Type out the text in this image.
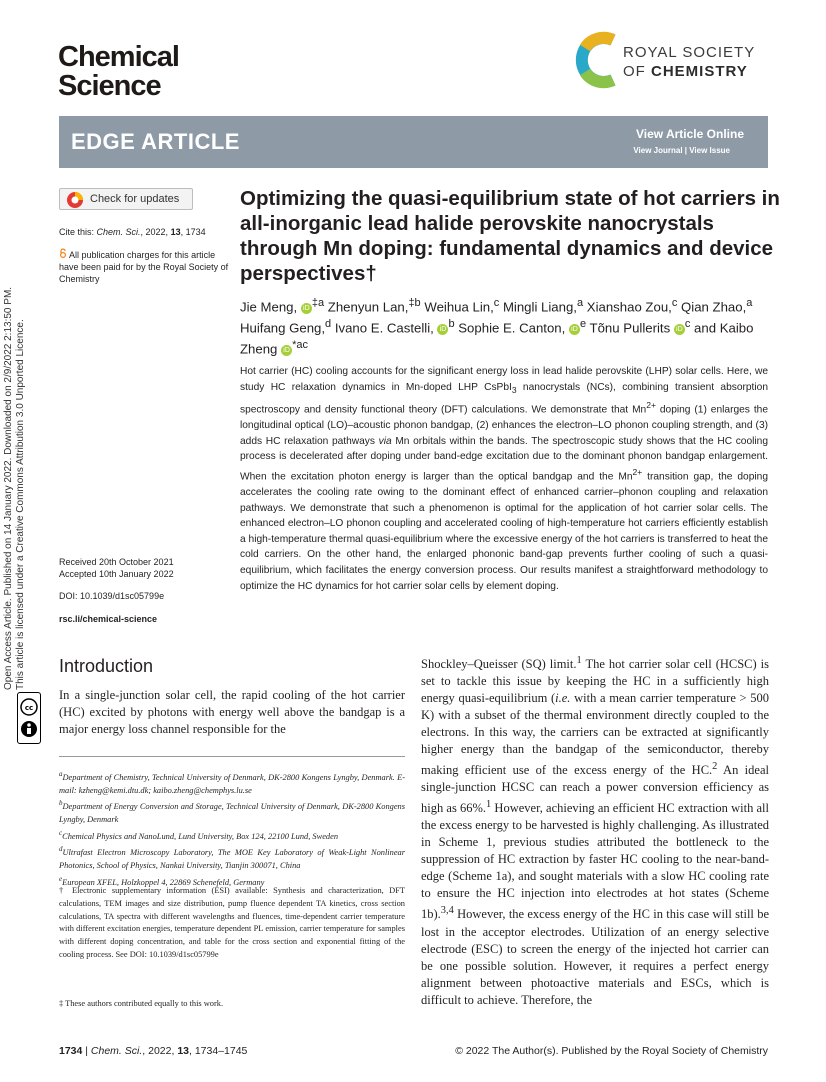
Chemical
Science
ROYAL SOCIETY
OF CHEMISTRY
EDGE ARTICLE	View Article Online
View Journal | View Issue
Open Access Article. Published on 14 January 2022. Downloaded on 2/9/2022 2:13:50 PM. This article is licensed under a Creative Commons Attribution 3.0 Unported Licence.
cc
Check for updates
Cite this: Chem. Sci., 2022, 13, 1734
All publication charges for this article have been paid for by the Royal Society of Chemistry
Received 20th October 2021
Accepted 10th January 2022
DOI: 10.1039/d1sc05799e
rsc.li/chemical-science
Optimizing the quasi-equilibrium state of hot carriers in all-inorganic lead halide perovskite nanocrystals through Mn doping: fundamental dynamics and device perspectives†
Jie Meng, iD $^{\ddagger a}$ Zhenyun Lan,$^{\ddagger b}$ Weihua Lin,$^c$ Mingli Liang,$^a$ Xianshao Zou,$^c$ Qian Zhao,$^a$ Huifang Geng,$^d$ Ivano E. Castelli, iD $^b$ Sophie E. Canton, iD $^e$ Tõnu Pullerits iD $^c$ and Kaibo Zheng iD $^{*ac}$
Hot carrier (HC) cooling accounts for the significant energy loss in lead halide perovskite (LHP) solar cells. Here, we study HC relaxation dynamics in Mn-doped LHP CsPbI$_3$ nanocrystals (NCs), combining transient absorption spectroscopy and density functional theory (DFT) calculations. We demonstrate that $Mn^{2+}$ doping (1) enlarges the longitudinal optical (LO)–acoustic phonon bandgap, (2) enhances the electron–LO phonon coupling strength, and (3) adds HC relaxation pathways via Mn orbitals within the bands. The spectroscopic study shows that the HC cooling process is decelerated after doping under band-edge excitation due to the dominant phonon bandgap enlargement. When the excitation photon energy is larger than the optical bandgap and the $Mn^{2+}$ transition gap, the doping accelerates the cooling rate owing to the dominant effect of enhanced carrier–phonon coupling and relaxation pathways. We demonstrate that such a phenomenon is optimal for the application of hot carrier solar cells. The enhanced electron–LO phonon coupling and accelerated cooling of high-temperature hot carriers efficiently establish a high-temperature thermal quasi-equilibrium where the excessive energy of the hot carriers is transferred to heat the cold carriers. On the other hand, the enlarged phononic band-gap prevents further cooling of such a quasi-equilibrium, which facilitates the energy conversion process. Our results manifest a straightforward methodology to optimize the HC dynamics for hot carrier solar cells by element doping.
Introduction
In a single-junction solar cell, the rapid cooling of the hot carrier (HC) excited by photons with energy well above the bandgap is a major energy loss channel responsible for the
Shockley–Queisser (SQ) limit.$^1$ The hot carrier solar cell (HCSC) is set to tackle this issue by keeping the HC in a sufficiently high energy quasi-equilibrium (i.e. with a mean carrier temperature > 500 K) with a subset of the thermal environment directly coupled to the electrons. In this way, the carriers can be extracted at significantly higher energy than the bandgap of the semiconductor, thereby making efficient use of the excess energy of the HC.$^2$ An ideal single-junction HCSC can reach a power conversion efficiency as high as 66%.$^1$ However, achieving an efficient HC extraction with all the excess energy to be harvested is highly challenging. As illustrated in Scheme 1, previous studies attributed the bottleneck to the suppression of HC extraction by faster HC cooling to the near-band-edge (Scheme 1a), and sought materials with a slow HC cooling rate to ensure the HC injection into electrodes at hot states (Scheme 1b).$^{3,4}$ However, the excess energy of the HC in this case will still be lost in the acceptor electrodes. Utilization of an energy selective electrode (ESC) to screen the energy of the injected hot carrier can be one possible solution. However, it requires a perfect energy alignment between photoactive materials and ESCs, which is difficult to achieve. Therefore, the
$^a$Department of Chemistry, Technical University of Denmark, DK-2800 Kongens Lyngby, Denmark. E-mail: kzheng@kemi.dtu.dk; kaibo.zheng@chemphys.lu.se
$^b$Department of Energy Conversion and Storage, Technical University of Denmark, DK-2800 Kongens Lyngby, Denmark
$^c$Chemical Physics and NanoLund, Lund University, Box 124, 22100 Lund, Sweden
$^d$Ultrafast Electron Microscopy Laboratory, The MOE Key Laboratory of Weak-Light Nonlinear Photonics, School of Physics, Nankai University, Tianjin 300071, China
$^e$European XFEL, Holzkoppel 4, 22869 Schenefeld, Germany
† Electronic supplementary information (ESI) available: Synthesis and characterization, DFT calculations, TEM images and size distribution, pump fluence dependent TA kinetics, cross section calculations, TA spectra with different wavelengths and fluences, time-dependent carrier temperature with different excitation energies, temperature dependent PL emission, carrier temperature for samples with different doping concentration, and table for the cross section and exponential fitting of the cooling process. See DOI: 10.1039/d1sc05799e
‡ These authors contributed equally to this work.
1734 | Chem. Sci., 2022, 13, 1734–1745	© 2022 The Author(s). Published by the Royal Society of Chemistry
